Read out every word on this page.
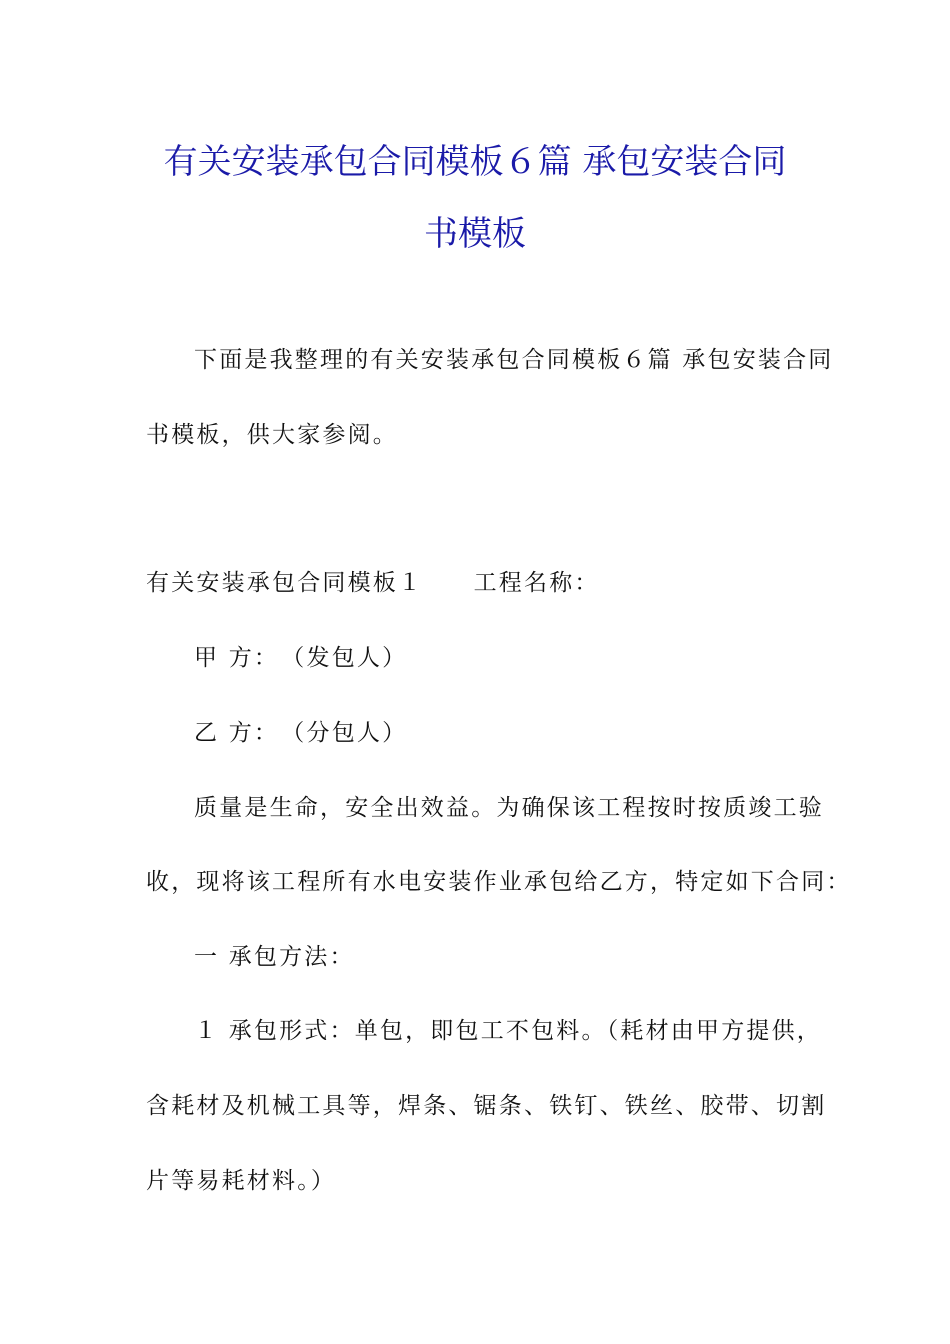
有关安装承包合同模板６篇 承包安装合同
书模板
下面是我整理的有关安装承包合同模板６篇 承包安装合同
书模板，供大家参阅。
有关安装承包合同模板１　　工程名称：
甲 方：　（发包人）
乙 方：　（分包人）
质量是生命，安全出效益。为确保该工程按时按质竣工验
收，现将该工程所有水电安装作业承包给乙方，特定如下合同：
一 承包方法：
１ 承包形式：单包，即包工不包料。（耗材由甲方提供，
含耗材及机械工具等，焊条、锯条、铁钉、铁丝、胶带、切割
片等易耗材料。）
